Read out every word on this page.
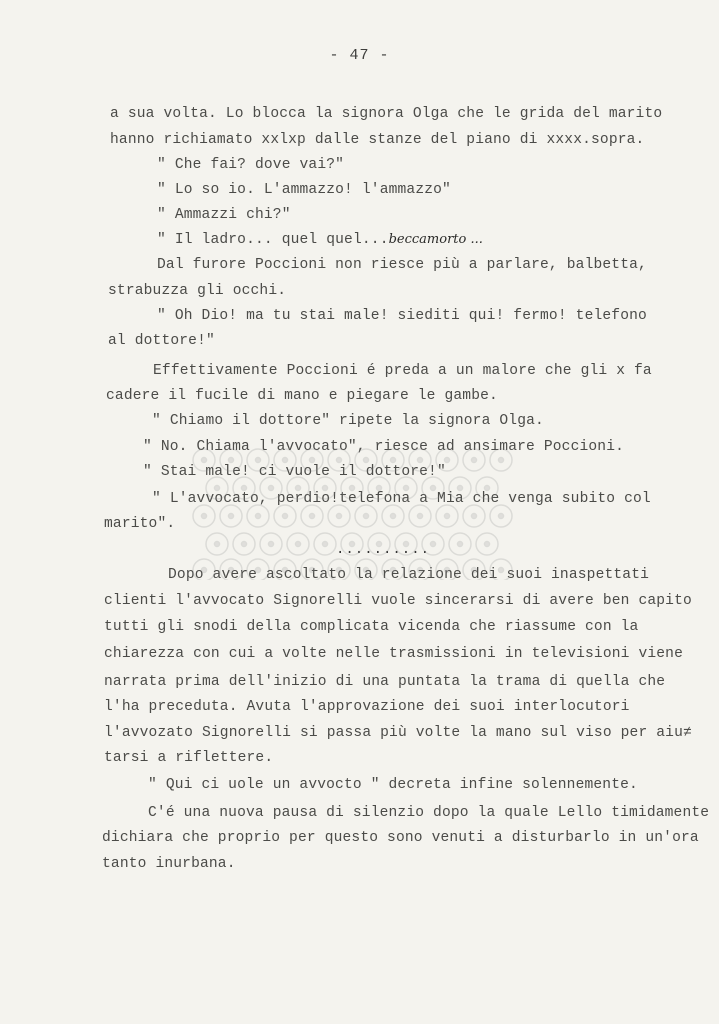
- 47 -
a sua volta. Lo blocca la signora Olga che le grida del marito
hanno richiamato xxlxp dalle stanze del piano di xxxx.sopra.
" Che fai? dove vai?"
" Lo so io. L'ammazzo! l'ammazzo"
" Ammazzi chi?"
" Il ladro... quel quel...beccamorto ...
Dal furore Poccioni non riesce più a parlare, balbetta,
strabuzza gli occhi.
" Oh Dio! ma tu stai male! siediti qui! fermo! telefono
al dottore!"
Effettivamente Poccioni é preda a un malore che gli x fa
cadere il fucile di mano e piegare le gambe.
" Chiamo il dottore" ripete la signora Olga.
" No. Chiama l'avvocato", riesce ad ansimare Poccioni.
" Stai male! ci vuole il dottore!"
" L'avvocato, perdio!telefona a Mia che venga subito col
marito".
..........
Dopo avere ascoltato la relazione dei suoi inaspettati
clienti l'avvocato Signorelli vuole sincerarsi di avere ben capito
tutti gli snodi della complicata vicenda che riassume con la
chiarezza con cui a volte nelle trasmissioni in televisioni viene
narrata prima dell'inizio di una puntata la trama di quella che
l'ha preceduta. Avuta l'approvazione dei suoi interlocutori
l'avvozato Signorelli si passa più volte la mano sul viso per aiu≠
tarsi a riflettere.
" Qui ci uole un avvocto " decreta infine solennemente.
C'é una nuova pausa di silenzio dopo la quale Lello timidamente
dichiara che proprio per questo sono venuti a disturbarlo in un'ora
tanto inurbana.
